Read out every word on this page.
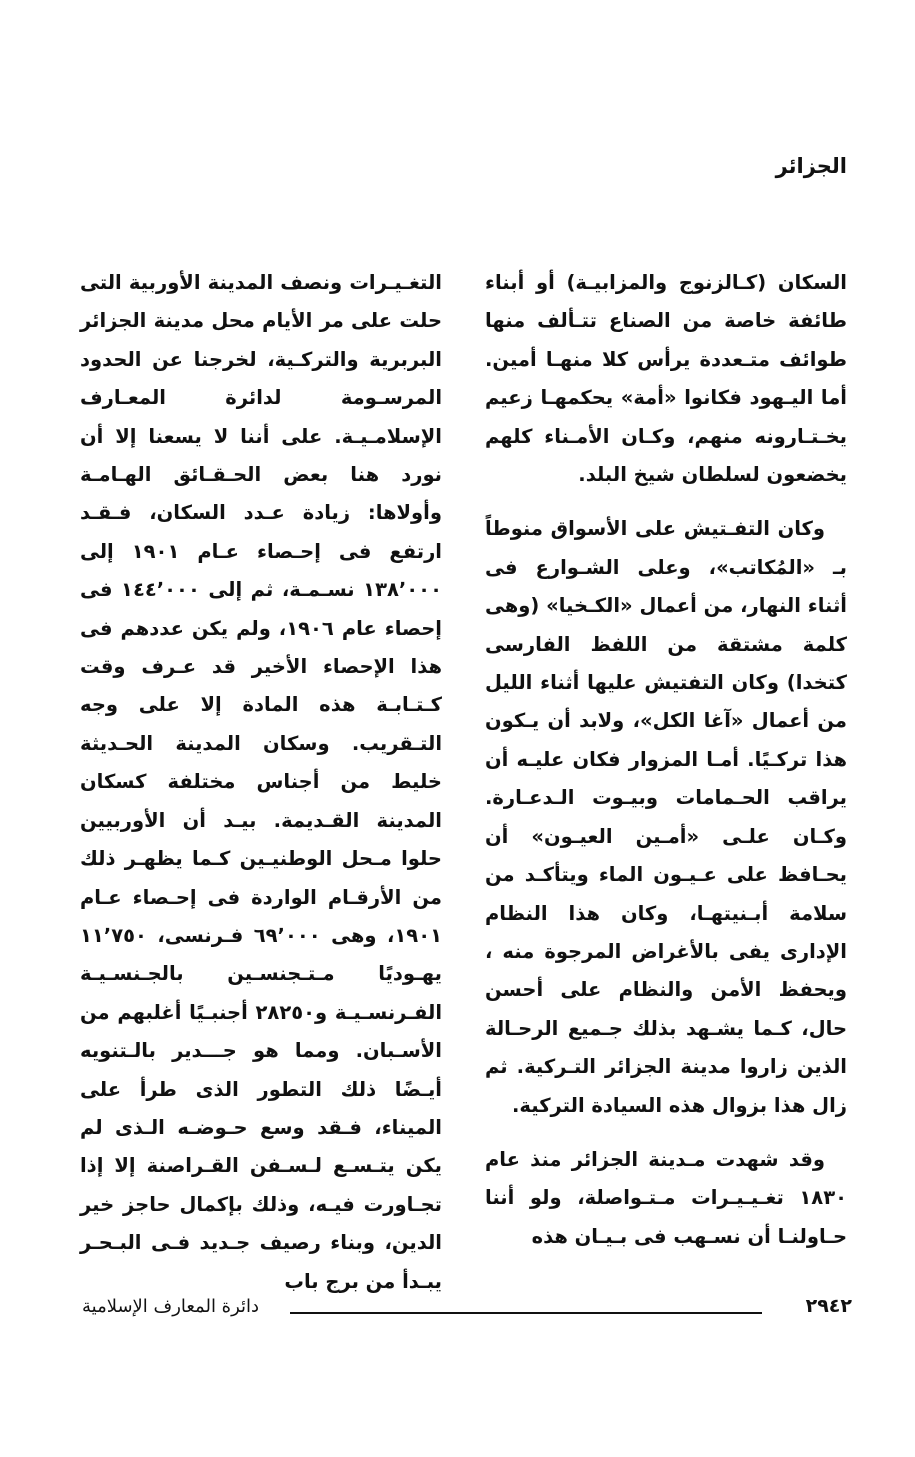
الجزائر

السكان (كـالزنوج والمزابيـة) أو أبناء طائفة خاصة من الصناع تتـألف منها طوائف متـعددة يرأس كلا منهـا أمين. أما اليـهود فكانوا «أمة» يحكمهـا زعيم يخـتـارونه منهم، وكـان الأمـناء كلهم يخضعون لسلطان شيخ البلد.

وكان التفـتيش على الأسواق منوطاً بـ «المُكاتب»، وعلى الشـوارع فى أثناء النهار، من أعمال «الكـخيا» (وهى كلمة مشتقة من اللفظ الفارسى كتخدا) وكان التفتيش عليها أثناء الليل من أعمال «آغا الكل»، ولابد أن يـكون هذا تركـيًا. أمـا المزوار فكان عليـه أن يراقب الحـمامات وبيـوت الـدعـارة. وكـان علـى «أمـين العيـون» أن يحـافظ على عـيـون الماء ويتأكـد من سلامة أبـنيتهـا، وكان هذا النظام الإدارى يفى بالأغراض المرجوة منه ، ويحفظ الأمن والنظام على أحسن حال، كـما يشـهد بذلك جـميع الرحـالة الذين زاروا مدينة الجزائر التـركية. ثم زال هذا بزوال هذه السيادة التركية.

وقد شهدت مـدينة الجزائر منذ عام ١٨٣٠ تغـيـيـرات مـتـواصلة، ولو أننا حـاولنـا أن نسـهب فى بـيـان هذه

التغـيـرات ونصف المدينة الأوربية التى حلت على مر الأيام محل مدينة الجزائر البربرية والتركـية، لخرجنا عن الحدود المرسـومة لدائرة المعـارف الإسلامـيـة. على أننا لا يسعنا إلا أن نورد هنا بعض الحـقـائق الهـامـة وأولاها: زيادة عـدد السكان، فـقـد ارتفع فى إحـصاء عـام ١٩٠١ إلى ١٣٨٬٠٠٠ نسـمـة، ثم إلى ١٤٤٬٠٠٠ فى إحصاء عام ١٩٠٦، ولم يكن عددهم فى هذا الإحصاء الأخير قد عـرف وقت كـتـابـة هذه المادة إلا على وجه التـقريب. وسكان المدينة الحـديثة خليط من أجناس مختلفة كسكان المدينة القـديمة. بيـد أن الأوربيين حلوا مـحل الوطنيـين كـما يظهـر ذلك من الأرقـام الواردة فى إحـصاء عـام ١٩٠١، وهى ٦٩٬٠٠٠ فـرنسى، ١١٬٧٥٠ يهـوديًا مـتـجنسـين بالجـنسـيـة الفـرنسـيـة و٢٨٢٥٠ أجنبـيًا أغلبهم من الأسـبان. ومما هو جـــدير بالـتنويه أيـضًا ذلك التطور الذى طرأ على الميناء، فـقد وسع حـوضـه الـذى لم يكن يتـسـع لـسـفن القـراصنة إلا إذا تجـاورت فيـه، وذلك بإكمال حاجز خير الدين، وبناء رصيف جـديد فـى البـحـر يبـدأ من برج باب

٢٩٤٢
دائرة المعارف الإسلامية
